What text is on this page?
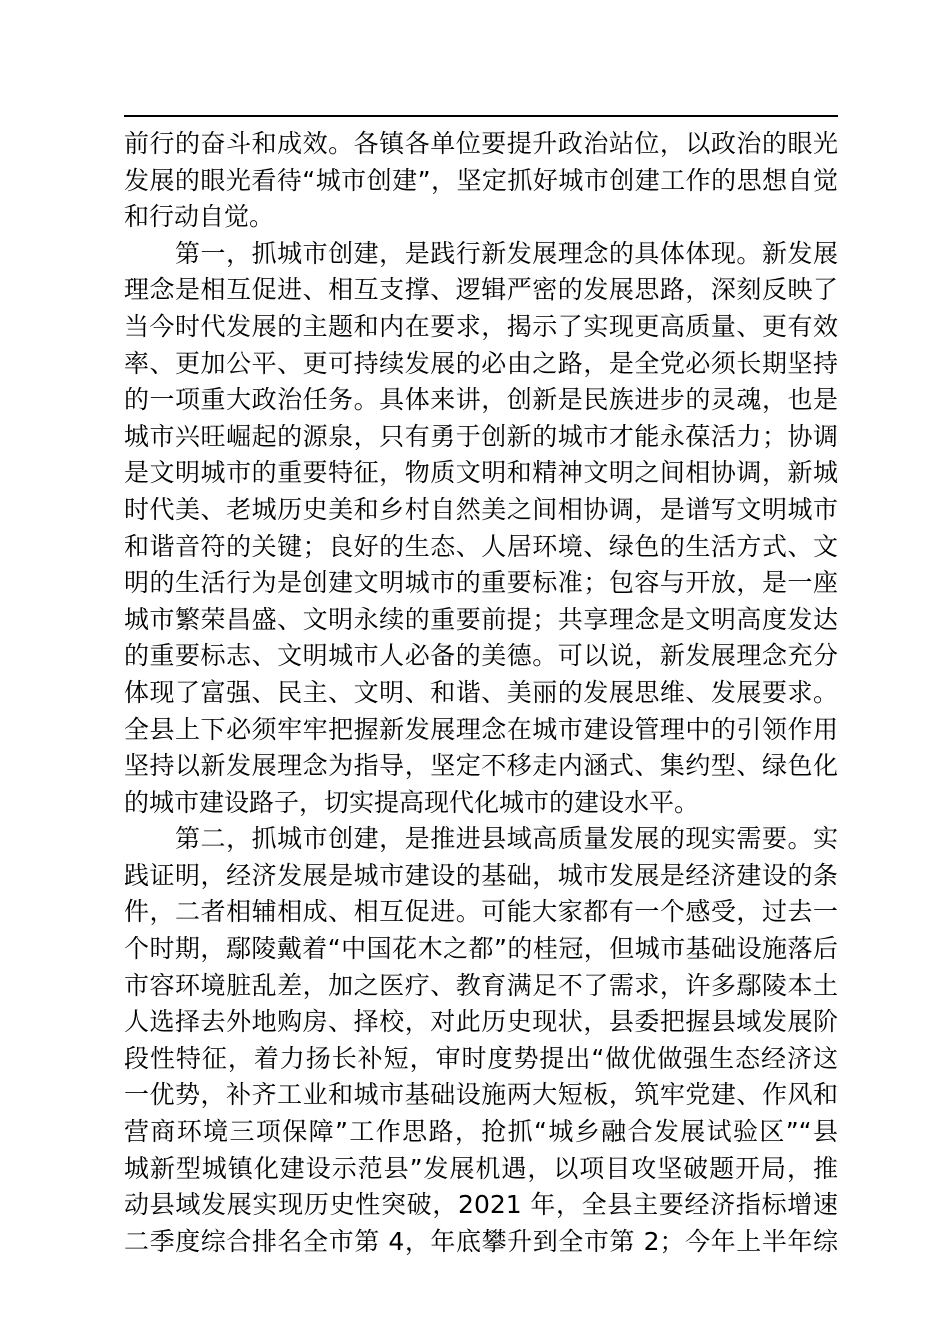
前行的奋斗和成效。各镇各单位要提升政治站位，以政治的眼光
发展的眼光看待“城市创建”，坚定抓好城市创建工作的思想自觉
和行动自觉。
　　第一，抓城市创建，是践行新发展理念的具体体现。新发展
理念是相互促进、相互支撑、逻辑严密的发展思路，深刻反映了
当今时代发展的主题和内在要求，揭示了实现更高质量、更有效
率、更加公平、更可持续发展的必由之路，是全党必须长期坚持
的一项重大政治任务。具体来讲，创新是民族进步的灵魂，也是
城市兴旺崛起的源泉，只有勇于创新的城市才能永葆活力；协调
是文明城市的重要特征，物质文明和精神文明之间相协调，新城
时代美、老城历史美和乡村自然美之间相协调，是谱写文明城市
和谐音符的关键；良好的生态、人居环境、绿色的生活方式、文
明的生活行为是创建文明城市的重要标准；包容与开放，是一座
城市繁荣昌盛、文明永续的重要前提；共享理念是文明高度发达
的重要标志、文明城市人必备的美德。可以说，新发展理念充分
体现了富强、民主、文明、和谐、美丽的发展思维、发展要求。
全县上下必须牢牢把握新发展理念在城市建设管理中的引领作用
坚持以新发展理念为指导，坚定不移走内涵式、集约型、绿色化
的城市建设路子，切实提高现代化城市的建设水平。
　　第二，抓城市创建，是推进县域高质量发展的现实需要。实
践证明，经济发展是城市建设的基础，城市发展是经济建设的条
件，二者相辅相成、相互促进。可能大家都有一个感受，过去一
个时期，鄢陵戴着“中国花木之都”的桂冠，但城市基础设施落后
市容环境脏乱差，加之医疗、教育满足不了需求，许多鄢陵本土
人选择去外地购房、择校，对此历史现状，县委把握县域发展阶
段性特征，着力扬长补短，审时度势提出“做优做强生态经济这
一优势，补齐工业和城市基础设施两大短板，筑牢党建、作风和
营商环境三项保障”工作思路，抢抓“城乡融合发展试验区”“县
城新型城镇化建设示范县”发展机遇，以项目攻坚破题开局，推
动县域发展实现历史性突破，2021 年，全县主要经济指标增速
二季度综合排名全市第 4，年底攀升到全市第 2；今年上半年综
